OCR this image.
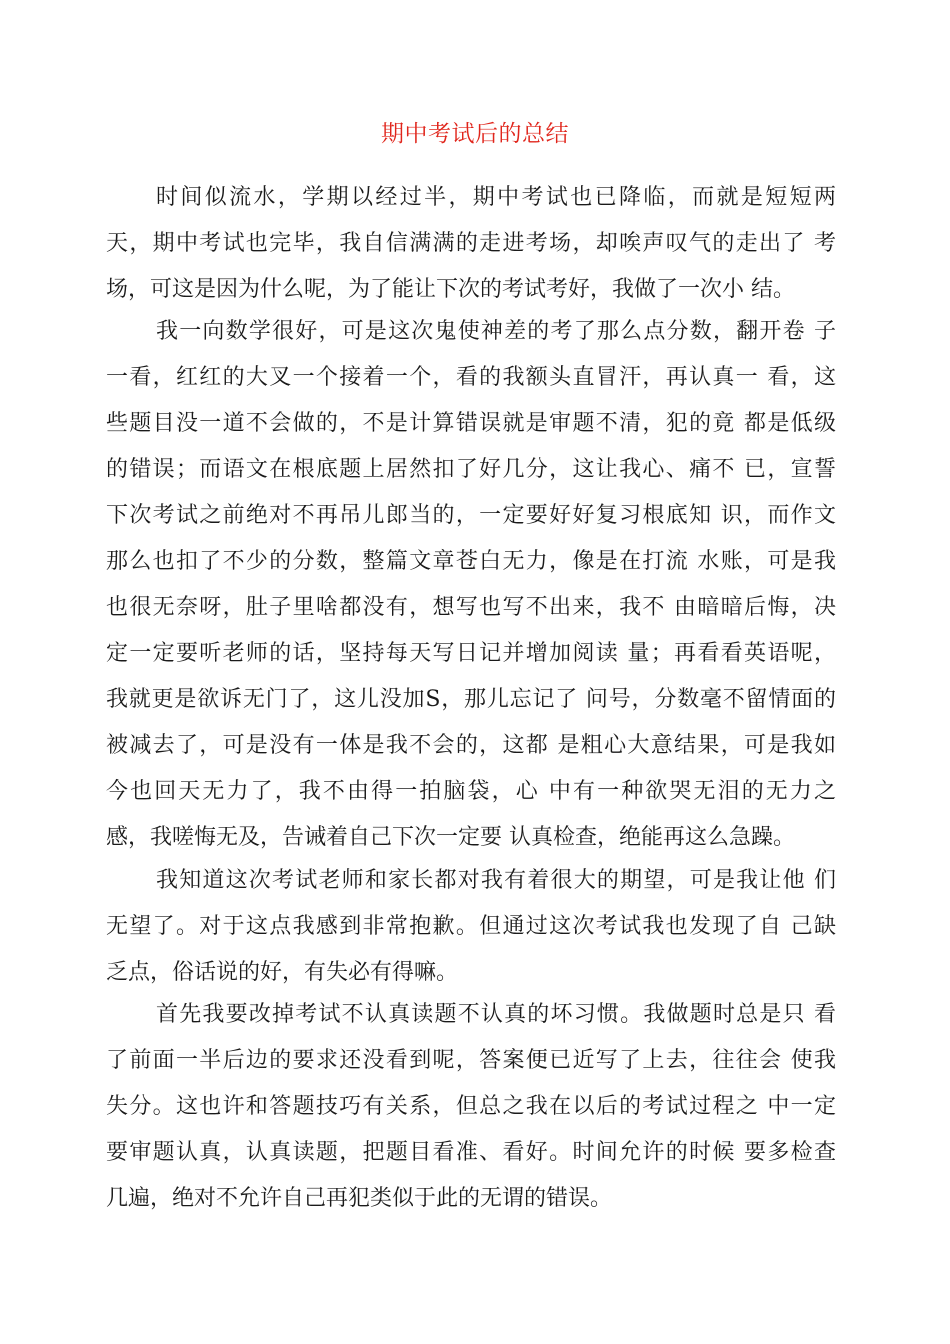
期中考试后的总结
时间似流水，学期以经过半，期中考试也已降临，而就是短短两
天，期中考试也完毕，我自信满满的走进考场，却唉声叹气的走出了 考
场，可这是因为什么呢，为了能让下次的考试考好，我做了一次小 结。
我一向数学很好，可是这次鬼使神差的考了那么点分数，翻开卷 子
一看，红红的大叉一个接着一个，看的我额头直冒汗，再认真一 看，这
些题目没一道不会做的，不是计算错误就是审题不清，犯的竟 都是低级
的错误；而语文在根底题上居然扣了好几分，这让我心、痛不 已，宣誓
下次考试之前绝对不再吊儿郎当的，一定要好好复习根底知 识，而作文
那么也扣了不少的分数，整篇文章苍白无力，像是在打流 水账，可是我
也很无奈呀，肚子里啥都没有，想写也写不出来，我不 由暗暗后悔，决
定一定要听老师的话，坚持每天写日记并增加阅读 量；再看看英语呢，
我就更是欲诉无门了，这儿没加S，那儿忘记了 问号，分数毫不留情面的
被减去了，可是没有一体是我不会的，这都 是粗心大意结果，可是我如
今也回天无力了，我不由得一拍脑袋，心 中有一种欲哭无泪的无力之
感，我嗟悔无及，告诫着自己下次一定要 认真检查，绝能再这么急躁。
我知道这次考试老师和家长都对我有着很大的期望，可是我让他 们
无望了。对于这点我感到非常抱歉。但通过这次考试我也发现了自 己缺
乏点，俗话说的好，有失必有得嘛。
首先我要改掉考试不认真读题不认真的坏习惯。我做题时总是只 看
了前面一半后边的要求还没看到呢，答案便已近写了上去，往往会 使我
失分。这也许和答题技巧有关系，但总之我在以后的考试过程之 中一定
要审题认真，认真读题，把题目看准、看好。时间允许的时候 要多检查
几遍，绝对不允许自己再犯类似于此的无谓的错误。
